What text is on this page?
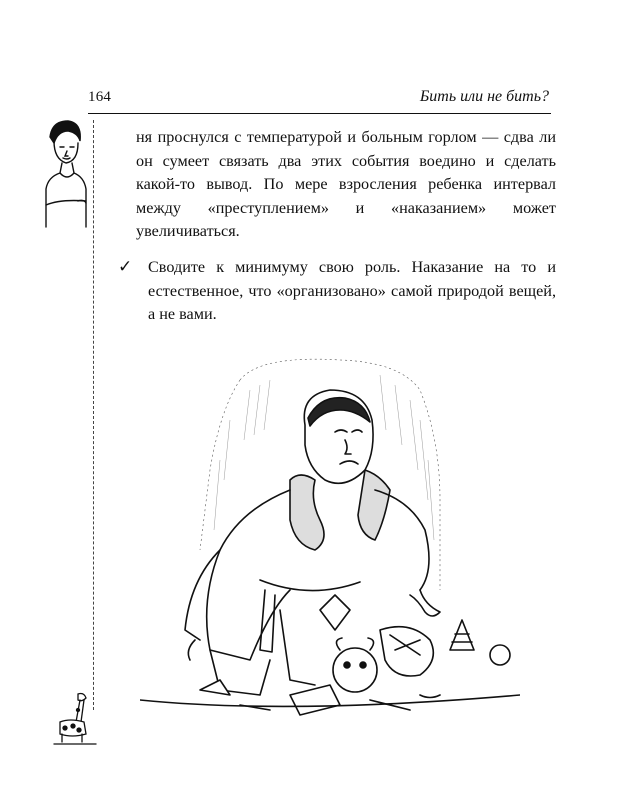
164	Бить или не бить?

ня проснулся с температурой и больным горлом — сдва ли он сумеет связать два этих события воедино и сделать какой-то вывод. По мере взросления ребенка интервал между «преступлением» и «наказанием» может увеличиваться.

✓ Сводите к минимуму свою роль. Наказание на то и естественное, что «организовано» самой природой вещей, а не вами.
